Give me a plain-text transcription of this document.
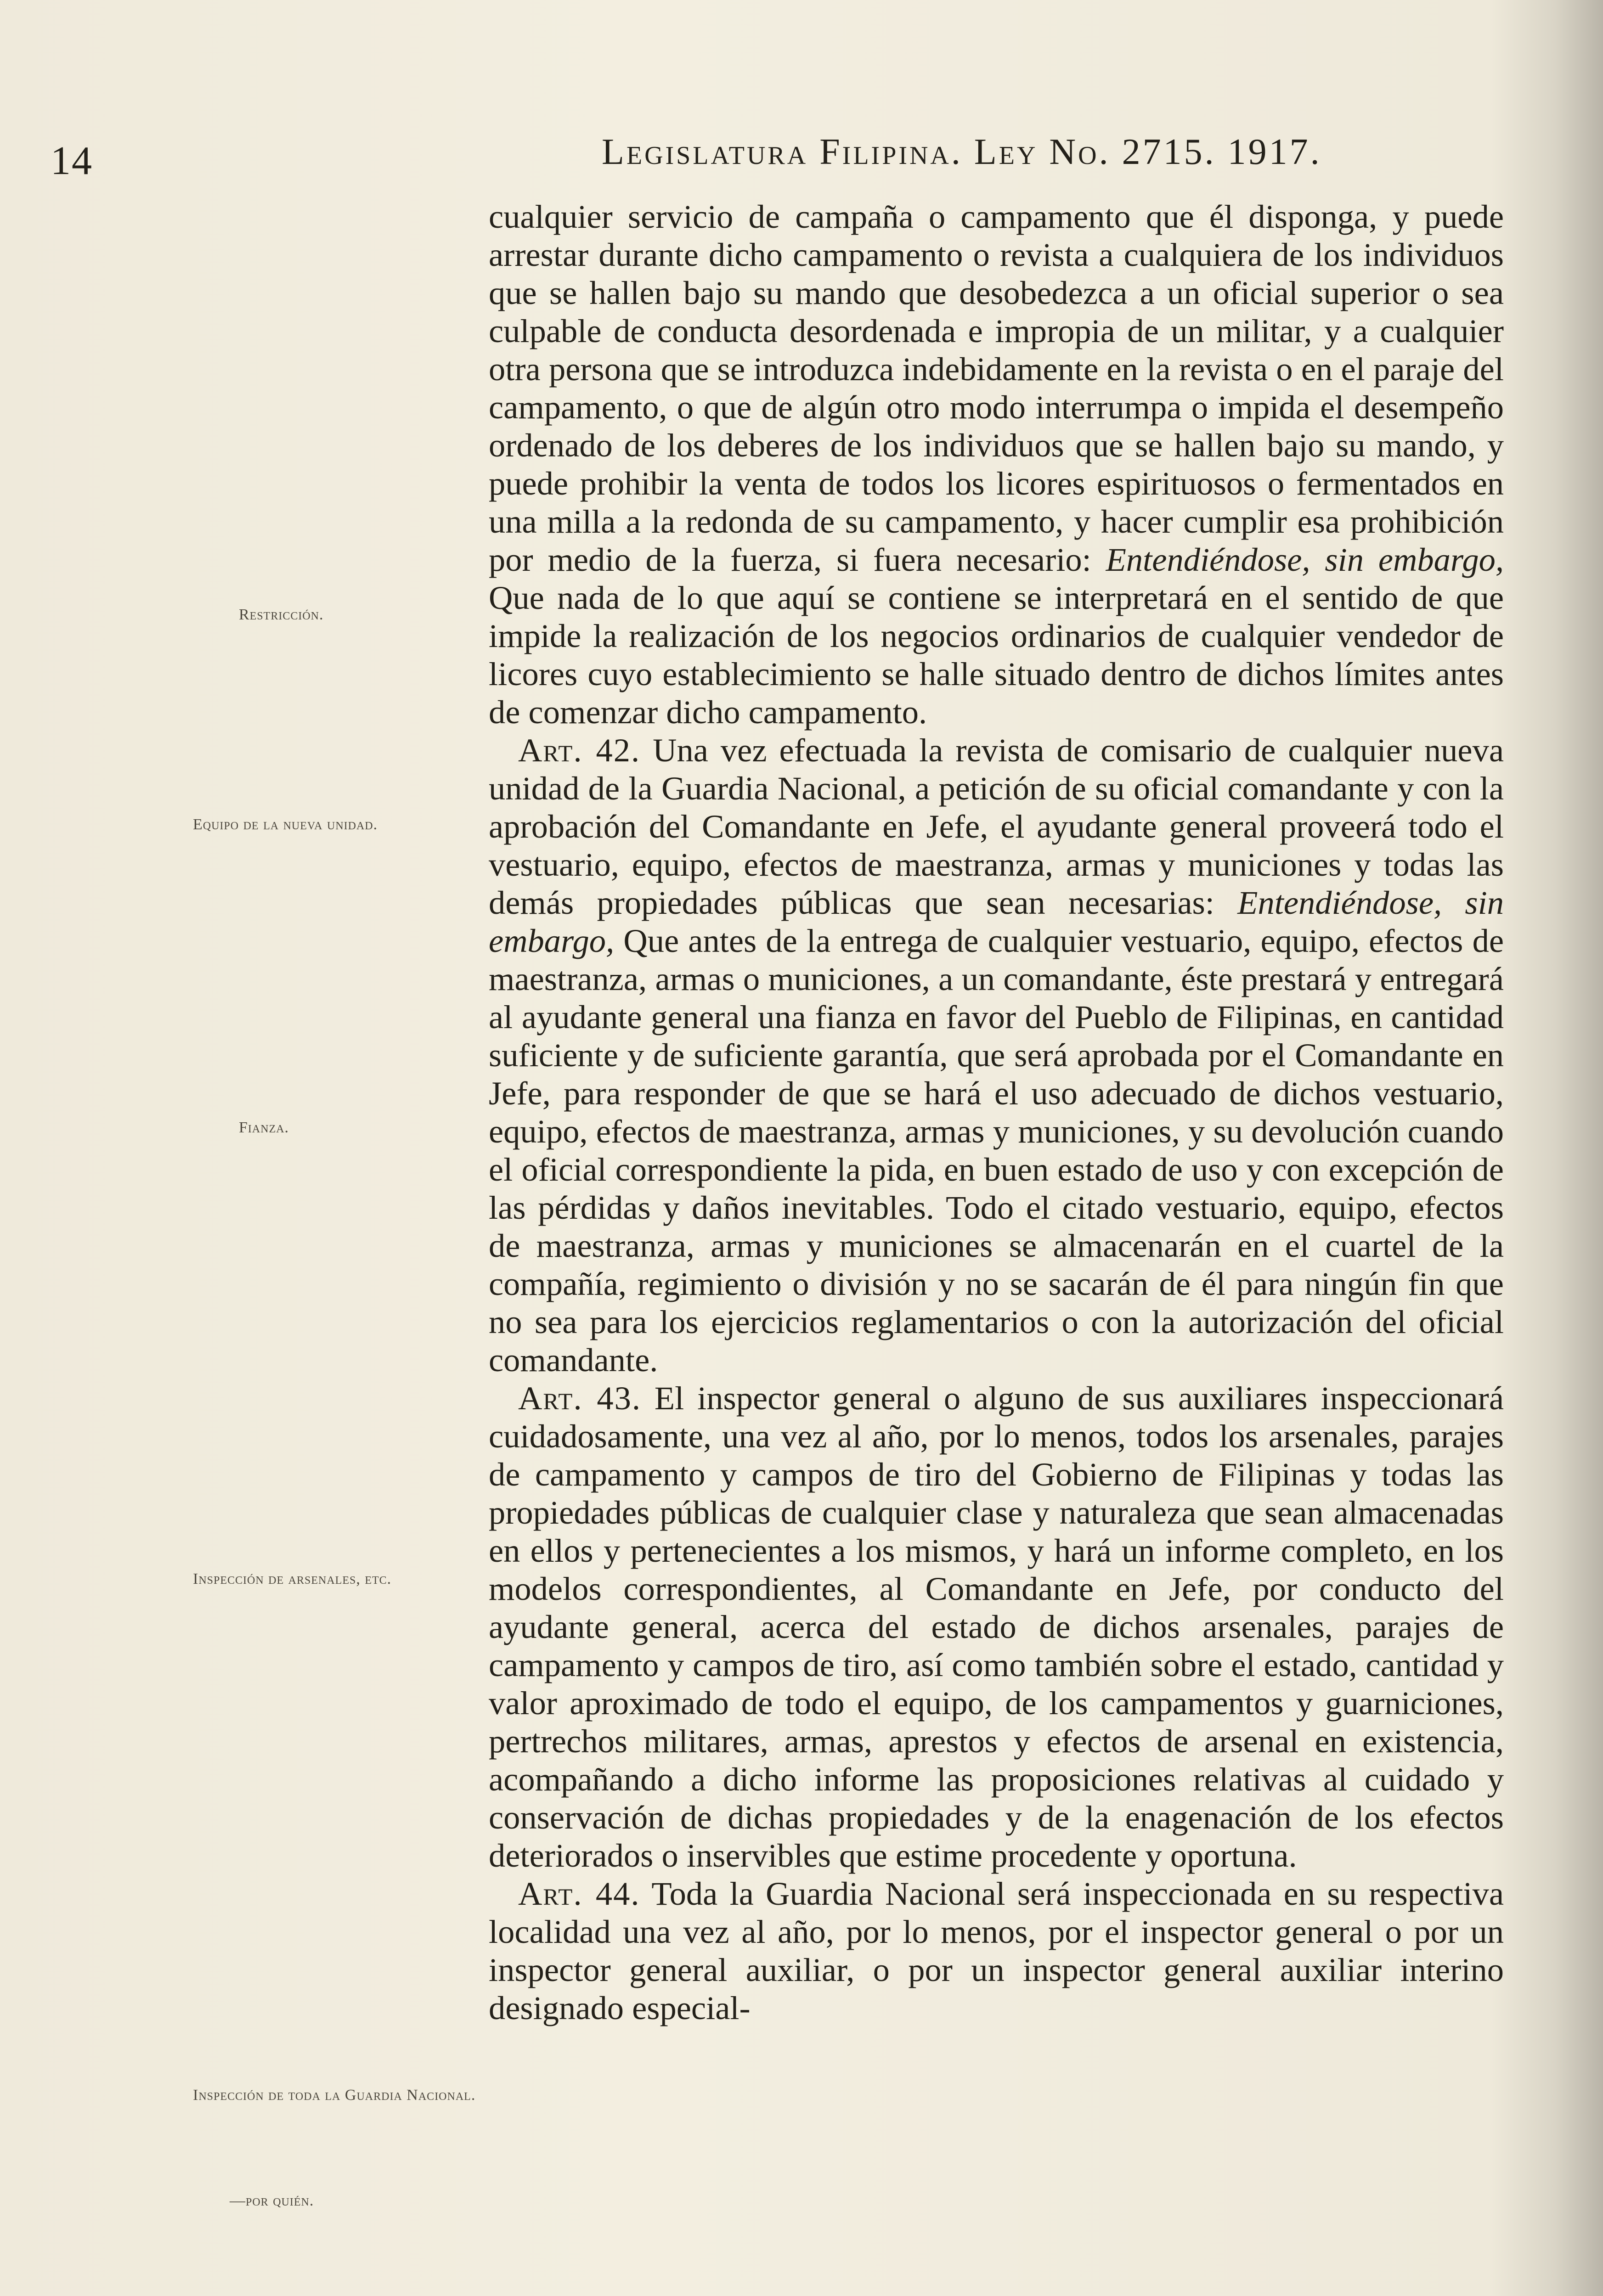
14	Legislatura Filipina. Ley No. 2715. 1917.
Restricción.
Equipo de la nueva unidad.
Fianza.
Inspección de arsenales, etc.
Inspección de toda la Guardia Nacional.
—por quién.

cualquier servicio de campaña o campamento que él disponga, y puede arrestar durante dicho campamento o revista a cualquiera de los individuos que se hallen bajo su mando que desobedezca a un oficial superior o sea culpable de conducta desordenada e impropia de un militar, y a cualquier otra persona que se introduzca indebidamente en la revista o en el paraje del campamento, o que de algún otro modo interrumpa o impida el desempeño ordenado de los deberes de los individuos que se hallen bajo su mando, y puede prohibir la venta de todos los licores espirituosos o fermentados en una milla a la redonda de su campamento, y hacer cumplir esa prohibición por medio de la fuerza, si fuera necesario: Entendiéndose, sin embargo, Que nada de lo que aquí se contiene se interpretará en el sentido de que impide la realización de los negocios ordinarios de cualquier vendedor de licores cuyo establecimiento se halle situado dentro de dichos límites antes de comenzar dicho campamento.

Art. 42. Una vez efectuada la revista de comisario de cualquier nueva unidad de la Guardia Nacional, a petición de su oficial comandante y con la aprobación del Comandante en Jefe, el ayudante general proveerá todo el vestuario, equipo, efectos de maestranza, armas y municiones y todas las demás propiedades públicas que sean necesarias: Entendiéndose, sin embargo, Que antes de la entrega de cualquier vestuario, equipo, efectos de maestranza, armas o municiones, a un comandante, éste prestará y entregará al ayudante general una fianza en favor del Pueblo de Filipinas, en cantidad suficiente y de suficiente garantía, que será aprobada por el Comandante en Jefe, para responder de que se hará el uso adecuado de dichos vestuario, equipo, efectos de maestranza, armas y municiones, y su devolución cuando el oficial correspondiente la pida, en buen estado de uso y con excepción de las pérdidas y daños inevitables. Todo el citado vestuario, equipo, efectos de maestranza, armas y municiones se almacenarán en el cuartel de la compañía, regimiento o división y no se sacarán de él para ningún fin que no sea para los ejercicios reglamentarios o con la autorización del oficial comandante.

Art. 43. El inspector general o alguno de sus auxiliares inspeccionará cuidadosamente, una vez al año, por lo menos, todos los arsenales, parajes de campamento y campos de tiro del Gobierno de Filipinas y todas las propiedades públicas de cualquier clase y naturaleza que sean almacenadas en ellos y pertenecientes a los mismos, y hará un informe completo, en los modelos correspondientes, al Comandante en Jefe, por conducto del ayudante general, acerca del estado de dichos arsenales, parajes de campamento y campos de tiro, así como también sobre el estado, cantidad y valor aproximado de todo el equipo, de los campamentos y guarniciones, pertrechos militares, armas, aprestos y efectos de arsenal en existencia, acompañando a dicho informe las proposiciones relativas al cuidado y conservación de dichas propiedades y de la enagenación de los efectos deteriorados o inservibles que estime procedente y oportuna.

Art. 44. Toda la Guardia Nacional será inspeccionada en su respectiva localidad una vez al año, por lo menos, por el inspector general o por un inspector general auxiliar, o por un inspector general auxiliar interino designado especial-
